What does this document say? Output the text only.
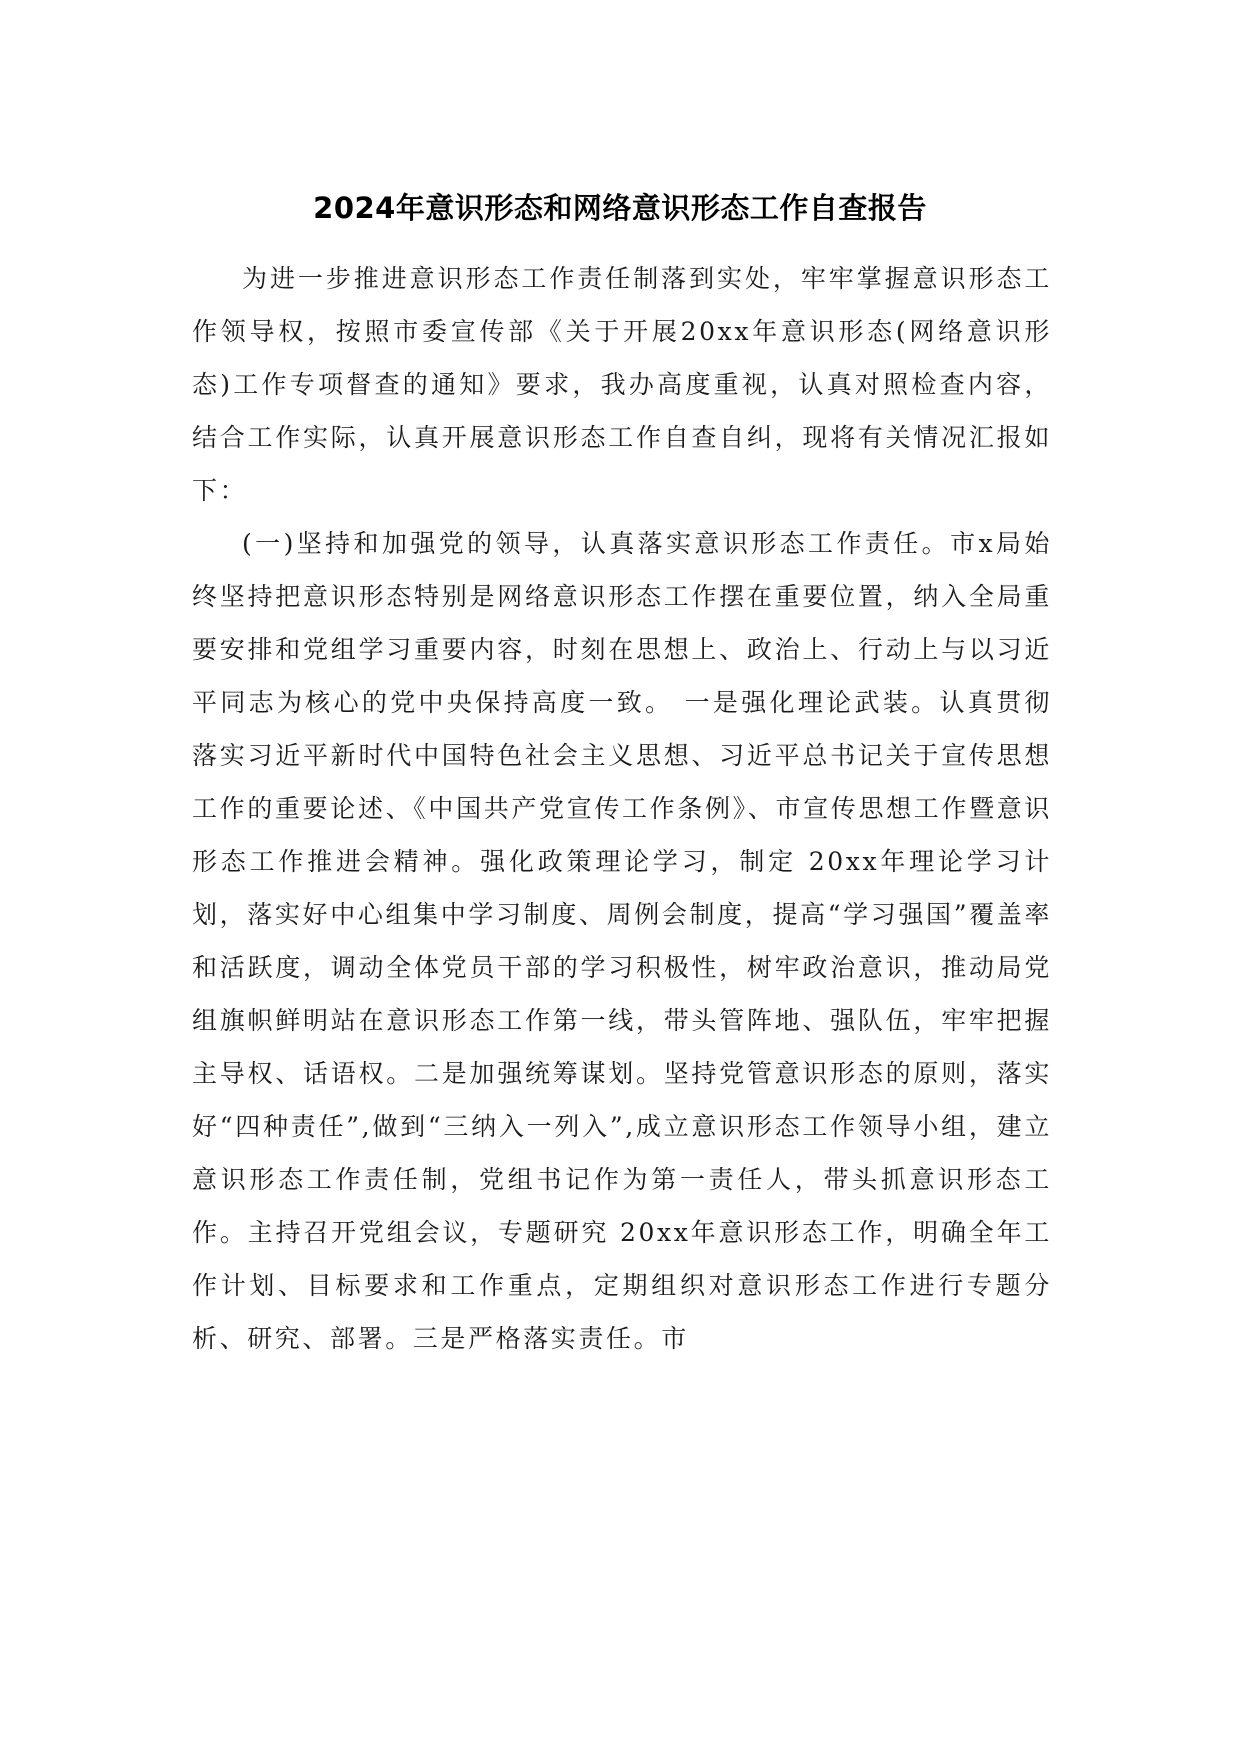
2024年意识形态和网络意识形态工作自查报告

为进一步推进意识形态工作责任制落到实处，牢牢掌握意识形态工作领导权，按照市委宣传部《关于开展20xx年意识形态(网络意识形态)工作专项督查的通知》要求，我办高度重视，认真对照检查内容，结合工作实际，认真开展意识形态工作自查自纠，现将有关情况汇报如下：

(一)坚持和加强党的领导，认真落实意识形态工作责任。市x局始终坚持把意识形态特别是网络意识形态工作摆在重要位置，纳入全局重要安排和党组学习重要内容，时刻在思想上、政治上、行动上与以习近平同志为核心的党中央保持高度一致。 一是强化理论武装。认真贯彻落实习近平新时代中国特色社会主义思想、习近平总书记关于宣传思想工作的重要论述、《中国共产党宣传工作条例》、市宣传思想工作暨意识形态工作推进会精神。强化政策理论学习，制定 20xx年理论学习计划，落实好中心组集中学习制度、周例会制度，提高“学习强国”覆盖率和活跃度，调动全体党员干部的学习积极性，树牢政治意识，推动局党组旗帜鲜明站在意识形态工作第一线，带头管阵地、强队伍，牢牢把握主导权、话语权。二是加强统筹谋划。坚持党管意识形态的原则，落实好“四种责任”,做到“三纳入一列入”,成立意识形态工作领导小组，建立意识形态工作责任制，党组书记作为第一责任人，带头抓意识形态工作。主持召开党组会议，专题研究 20xx年意识形态工作，明确全年工作计划、目标要求和工作重点，定期组织对意识形态工作进行专题分析、研究、部署。三是严格落实责任。市
